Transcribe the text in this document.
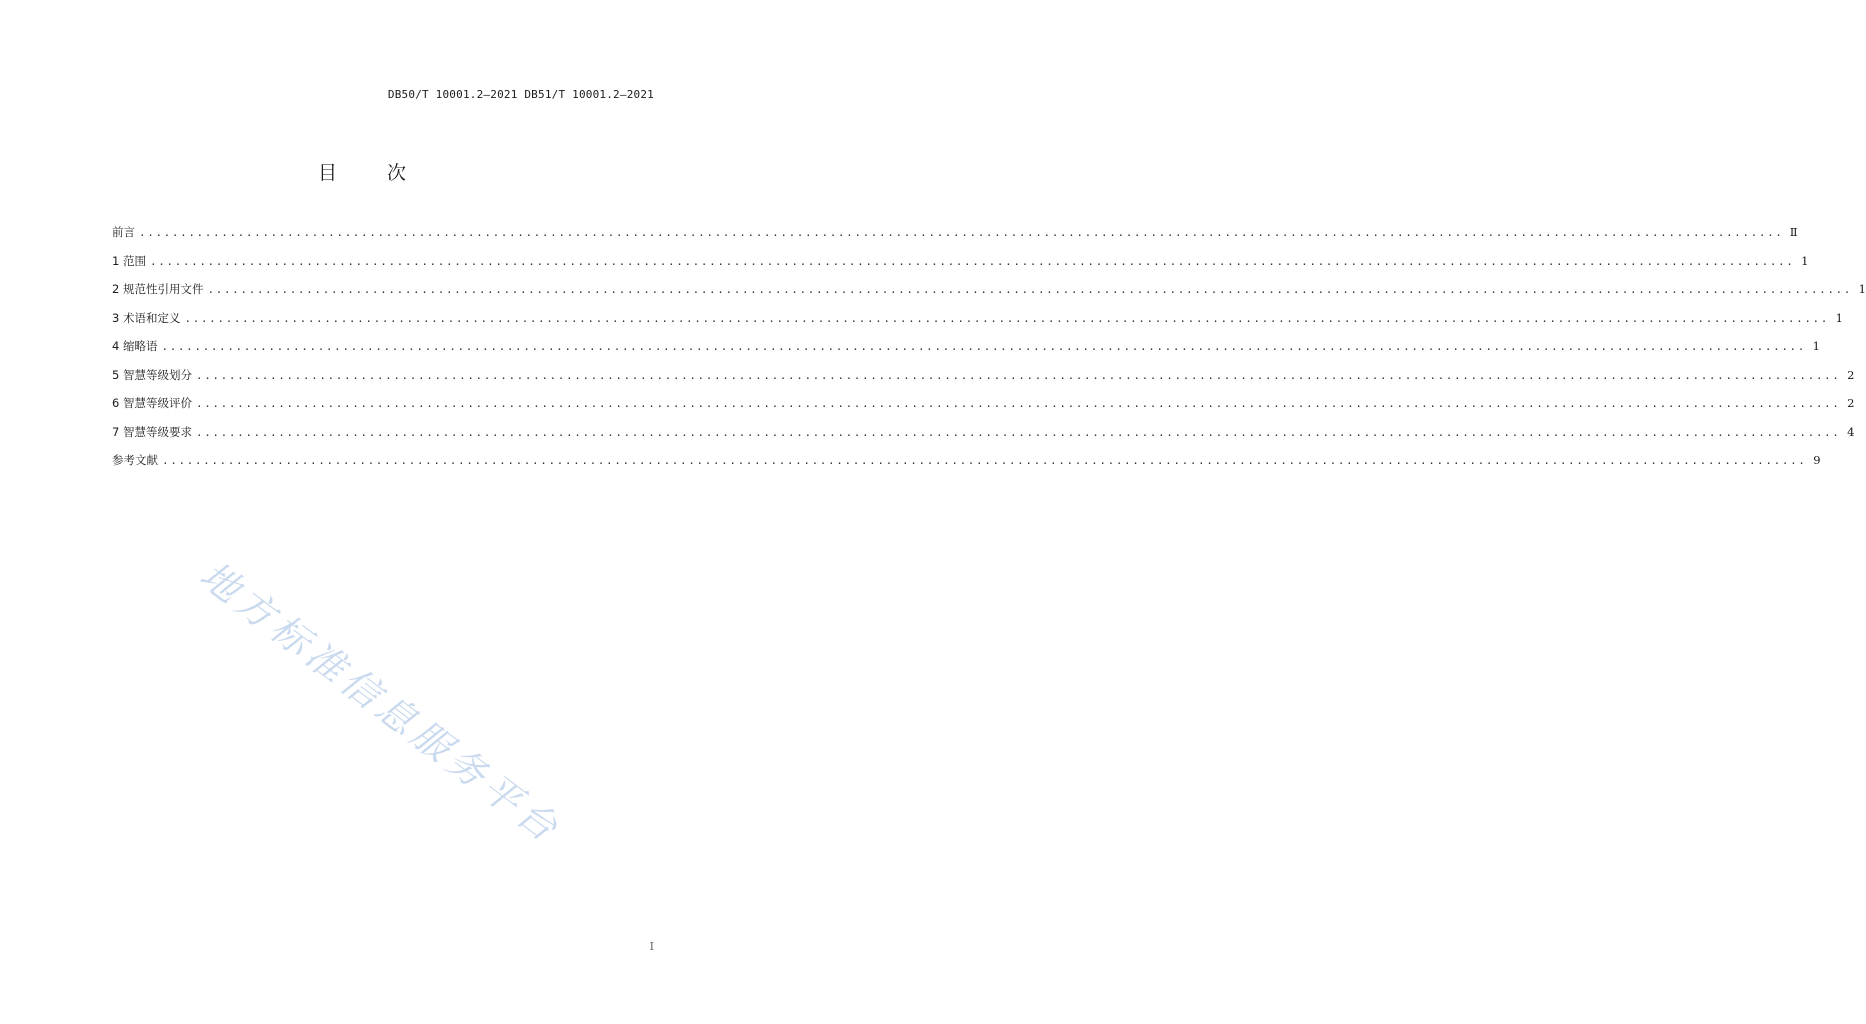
DB50/T 10001.2—2021 DB51/T 10001.2—2021
目 次
前言 ........................................................................................................................................................................................................ Ⅱ
1 范围 ........................................................................................................................................................................................................ 1
2 规范性引用文件 ........................................................................................................................................................................................................ 1
3 术语和定义 ........................................................................................................................................................................................................ 1
4 缩略语 ........................................................................................................................................................................................................ 1
5 智慧等级划分 ........................................................................................................................................................................................................ 2
6 智慧等级评价 ........................................................................................................................................................................................................ 2
7 智慧等级要求 ........................................................................................................................................................................................................ 4
参考文献 ........................................................................................................................................................................................................ 9
地方标准信息服务平台
I
